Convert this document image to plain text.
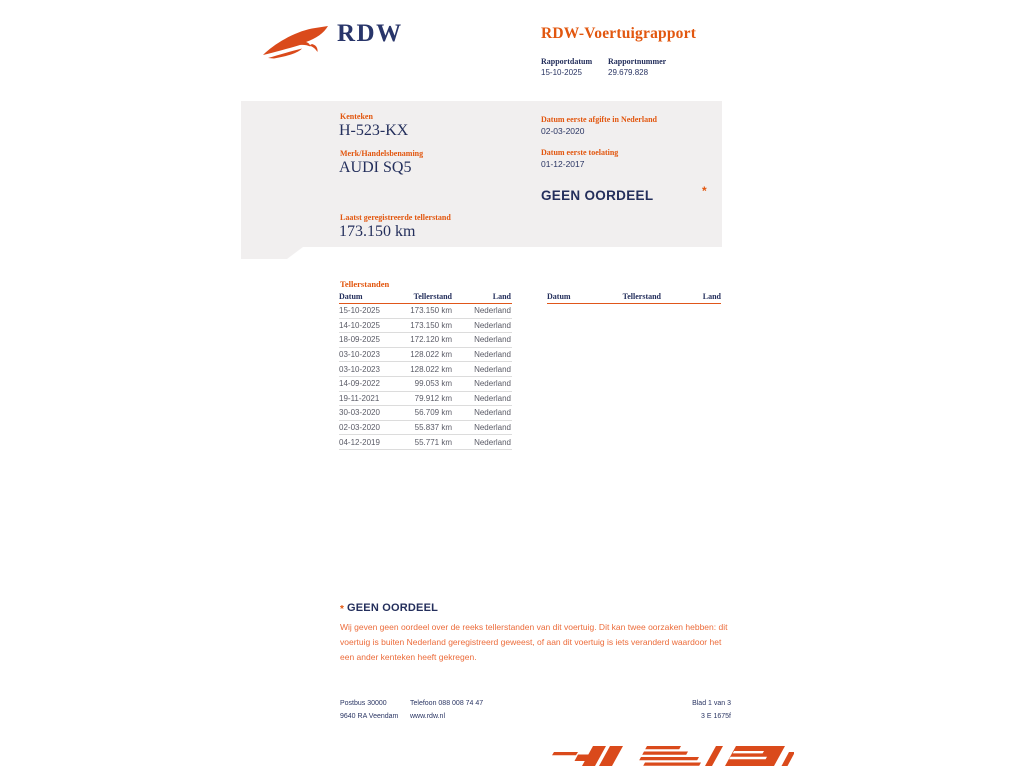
RDW	RDW-Voertuigrapport
Rapportdatum Rapportnummer
15-10-2025	29.679.828
Kenteken
H-523-KX
Merk/Handelsbenaming
AUDI SQ5
Laatst geregistreerde tellerstand
173.150 km
Datum eerste afgifte in Nederland
02-03-2020
Datum eerste toelating
01-12-2017
GEEN OORDEEL	*
Tellerstanden
Datum	Tellerstand	Land
15-10-2025	173.150 km	Nederland
14-10-2025	173.150 km	Nederland
18-09-2025	172.120 km	Nederland
03-10-2023	128.022 km	Nederland
03-10-2023	128.022 km	Nederland
14-09-2022	99.053 km	Nederland
19-11-2021	79.912 km	Nederland
30-03-2020	56.709 km	Nederland
02-03-2020	55.837 km	Nederland
04-12-2019	55.771 km	Nederland
Datum	Tellerstand	Land
* GEEN OORDEEL
Wij geven geen oordeel over de reeks tellerstanden van dit voertuig. Dit kan twee oorzaken hebben: dit voertuig is buiten Nederland geregistreerd geweest, of aan dit voertuig is iets veranderd waardoor het een ander kenteken heeft gekregen.
Postbus 30000
9640 RA Veendam
Telefoon 088 008 74 47
www.rdw.nl
Blad 1 van 3
3 E 1675f
